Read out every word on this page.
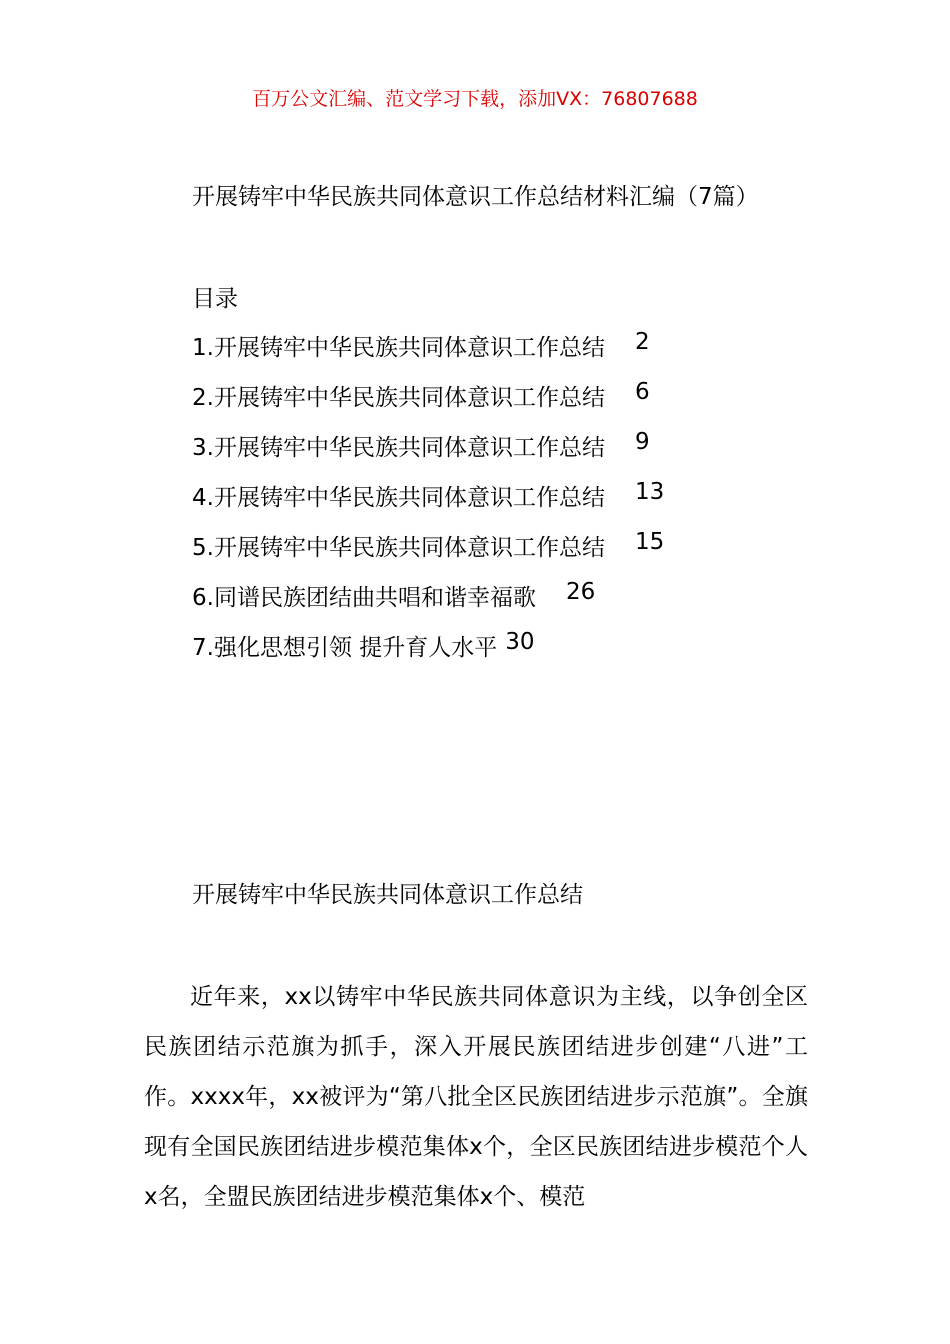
百万公文汇编、范文学习下载，添加VX：76807688
开展铸牢中华民族共同体意识工作总结材料汇编（7篇）
目录
1.开展铸牢中华民族共同体意识工作总结 2
2.开展铸牢中华民族共同体意识工作总结 6
3.开展铸牢中华民族共同体意识工作总结 9
4.开展铸牢中华民族共同体意识工作总结 13
5.开展铸牢中华民族共同体意识工作总结 15
6.同谱民族团结曲共唱和谐幸福歌 26
7.强化思想引领 提升育人水平 30
开展铸牢中华民族共同体意识工作总结

近年来，xx以铸牢中华民族共同体意识为主线，以争创全区民族团结示范旗为抓手，深入开展民族团结进步创建“八进”工作。xxxx年，xx被评为“第八批全区民族团结进步示范旗”。全旗现有全国民族团结进步模范集体x个，全区民族团结进步模范个人x名，全盟民族团结进步模范集体x个、模范
